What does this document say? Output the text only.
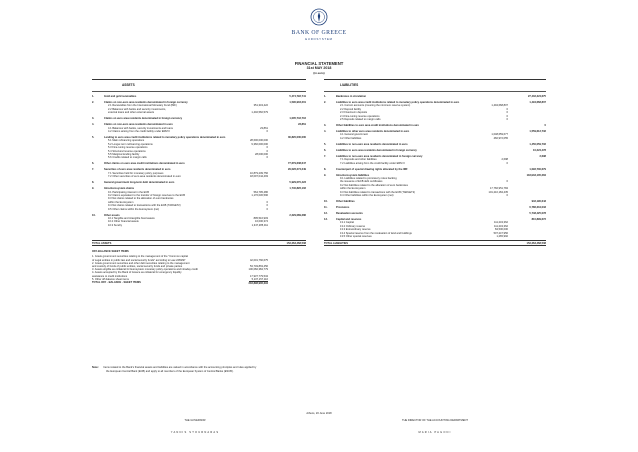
BANK OF GREECE
EUROSYSTEM
FINANCIAL STATEMENT
31st MAY 2018
(in euro)
ASSETS
1.	Gold and gold receivables	5,474,792,741
2.	Claims on non-euro area residents denominated in foreign currency	1,590,903,201
2.1 Receivables from the International Monetary Fund (IMF)	351,343,422
2.2 Balances with banks and security investments,
external loans and other external assets	1,402,560,579
3.	Claims on euro area residents denominated in foreign currency	1,005,742,716
4.	Claims on non-euro area residents denominated in euro	23,861
4.1 Balances with banks, security investments and loans	23,861
4.2 Claims arising from the credit facility under ERM II	0
5.	Lending to euro area credit institutions related to monetary policy operations denominated in euro	30,820,000,000
5.1 Main refinancing operations	28,600,000,000
5.2 Longer-term refinancing operations	9,360,000,000
5.3 Fine-tuning reverse operations	0
5.4 Structural reverse operations	0
5.5 Marginal lending facility	28,000,000
5.6 Credits related to margin calls	0
6.	Other claims on euro area credit institutions denominated in euro	77,679,608,647
7.	Securities of euro area residents denominated in euro	29,026,274,249
7.1 Securities held for monetary policy purposes	10,879,209,756
7.2 Other securities of euro area residents denominated in euro	18,097,044,493
8.	General government long-term debt denominated in euro	5,929,070,423
9.	Intra-Eurosystem claims	1,740,826,102
9.1 Participating interest in the ECB	564,795,486
9.2 Claims equivalent to the transfer of foreign reserves to the ECB	1,176,030,596
9.3 Net claims related to the allocation of euro banknotes
within the Eurosystem	0
9.4 Net claims related to transactions with the ECB (TARGET2)	0
9.5 Other claims within the Eurosystem (net)	0
10.	Other assets	2,229,089,286
10.1 Tangible and intangible fixed assets	895,516,903
10.2 Other financial assets	16,000,374
10.3 Sundry	1,347,285,011
TOTAL ASSETS	153,263,468,508
OFF-BALANCE SHEET ITEMS
1. Greek government securities relating to the management of the "Common capital
of Legal entities in public law and social security funds" according to Law 2469/97	42,001,760,675
2. Greek government securities and other debt securities relating to the management
and custody of funds of public entities, social security funds and private parties	53,749,863,456
3. Assets eligible as collateral for Eurosystem monetary policy operations and intraday credit	100,082,384,779
4. Assets accepted by the Bank of Greece as collateral for emergency liquidity
assistance to credit institutions	17,937,779,534
5. Other off-balance sheet items	5,107,157,116
TOTAL OFF - BALANCE - SHEET ITEMS	218,898,906,394
LIABILITIES
1.	Banknotes in circulation	27,432,324,675
2.	Liabilities to euro area credit institutions related to monetary policy operations denominated in euro	1,494,668,807
2.1 Current accounts (covering the minimum reserve system)	1,494,668,807
2.2 Deposit facility	0
2.3 Fixed-term deposits	0
2.4 Fine-tuning reverse operations	0
2.5 Deposits related to margin calls	0
3.	Other liabilities to euro area credit institutions denominated in euro	0
4.	Liabilities to other euro area residents denominated in euro	1,559,612,732
4.1 General government	1,048,659,677
4.2 Other liabilities	460,972,055
5.	Liabilities to non-euro area residents denominated in euro	1,450,059,702
6.	Liabilities to euro area residents denominated in foreign currency	10,224,478
7.	Liabilities to non-euro area residents denominated in foreign currency	2,698
7.1 Deposits and other liabilities	2,698
7.2 Liabilities arising from the credit facility under ERM II	0
8.	Counterpart of special drawing rights allocated by the IMF	1,092,730,679
9.	Intra-Eurosystem liabilities	118,933,135,284
9.1 Liabilities related to promissory notes backing
the issuance of ECB debt certificates	0
9.2 Net liabilities related to the allocation of euro banknotes
within the Eurosystem	17,766,951,784
9.3 Net liabilities related to transactions with the ECB (TARGET2)	101,210,184,435
9.4 Other liabilities within the Eurosystem (net)	0
10.	Other liabilities	942,190,643
11.	Provisions	6,786,334,033
12.	Revaluation accounts	5,748,425,078
13.	Capital and reserves	810,899,672
13.1 Capital	111,243,362
13.2 Ordinary reserve	111,243,362
13.3 Extraordinary reserve	84,500,000
13.4 Special reserve from the revaluation of land and buildings	507,247,956
13.5 Other special reserves	1,265,992
TOTAL LIABILITIES	153,263,468,508
Note: Items related to the Bank's financial assets and liabilities are valued in accordance with the accounting principles and rules applied by
the European Central Bank (ECB) and apply to all members of the European System of Central Banks (ESCB).
Athens, 20 June 2018
THE GOVERNOR	THE DIRECTOR OF THE ACCOUNTING DEPARTMENT
YANNIS STOURNARAS	MARIA PAGONI
